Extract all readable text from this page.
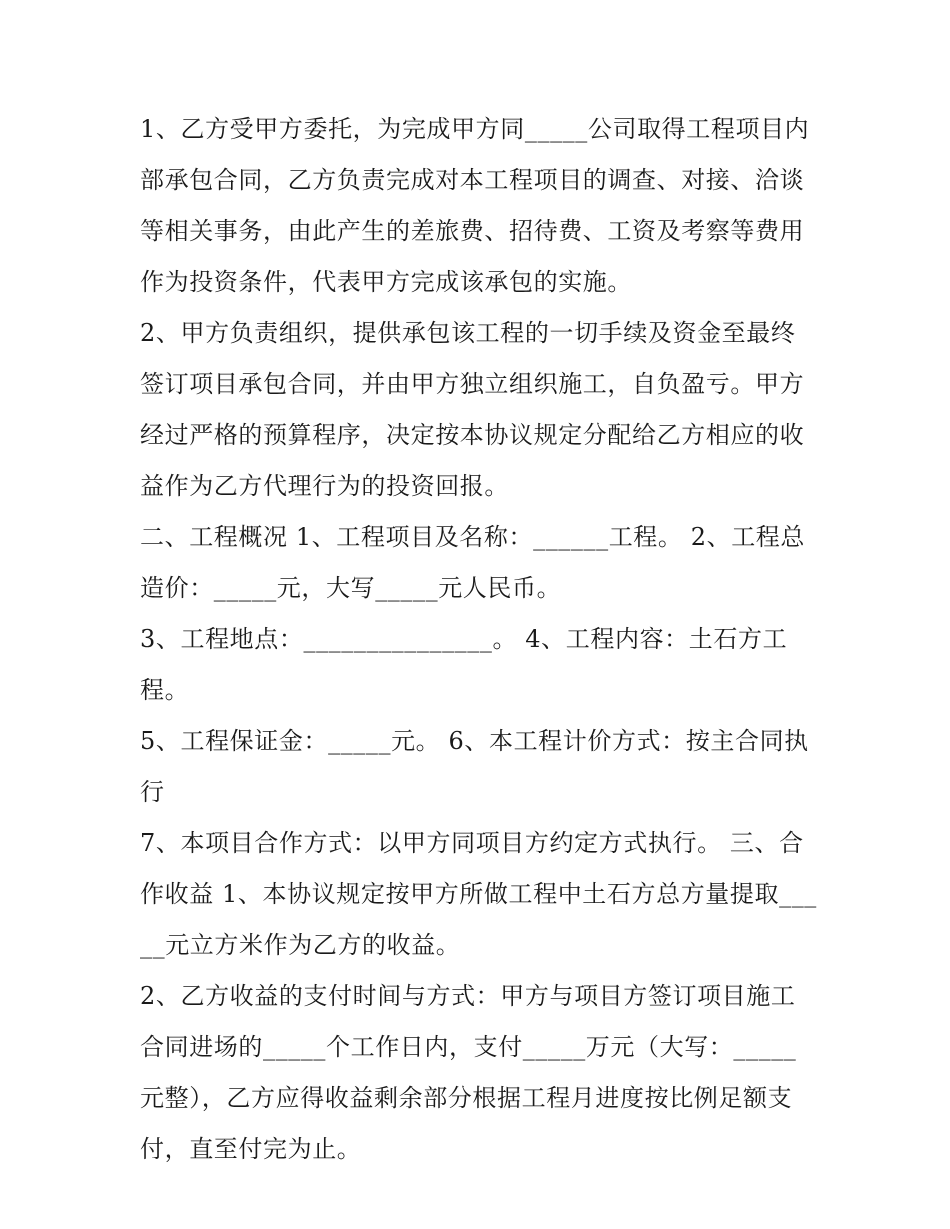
1、乙方受甲方委托，为完成甲方同_____公司取得工程项目内部承包合同，乙方负责完成对本工程项目的调查、对接、洽谈等相关事务，由此产生的差旅费、招待费、工资及考察等费用作为投资条件，代表甲方完成该承包的实施。

2、甲方负责组织，提供承包该工程的一切手续及资金至最终签订项目承包合同，并由甲方独立组织施工，自负盈亏。甲方经过严格的预算程序，决定按本协议规定分配给乙方相应的收益作为乙方代理行为的投资回报。

二、工程概况 1、工程项目及名称：______工程。 2、工程总造价：_____元，大写_____元人民币。

3、工程地点：_______________。 4、工程内容：土石方工程。

5、工程保证金：_____元。 6、本工程计价方式：按主合同执行

7、本项目合作方式：以甲方同项目方约定方式执行。 三、合作收益 1、本协议规定按甲方所做工程中土石方总方量提取_____元立方米作为乙方的收益。

2、乙方收益的支付时间与方式：甲方与项目方签订项目施工合同进场的_____个工作日内，支付_____万元（大写：_____元整），乙方应得收益剩余部分根据工程月进度按比例足额支付，直至付完为止。
